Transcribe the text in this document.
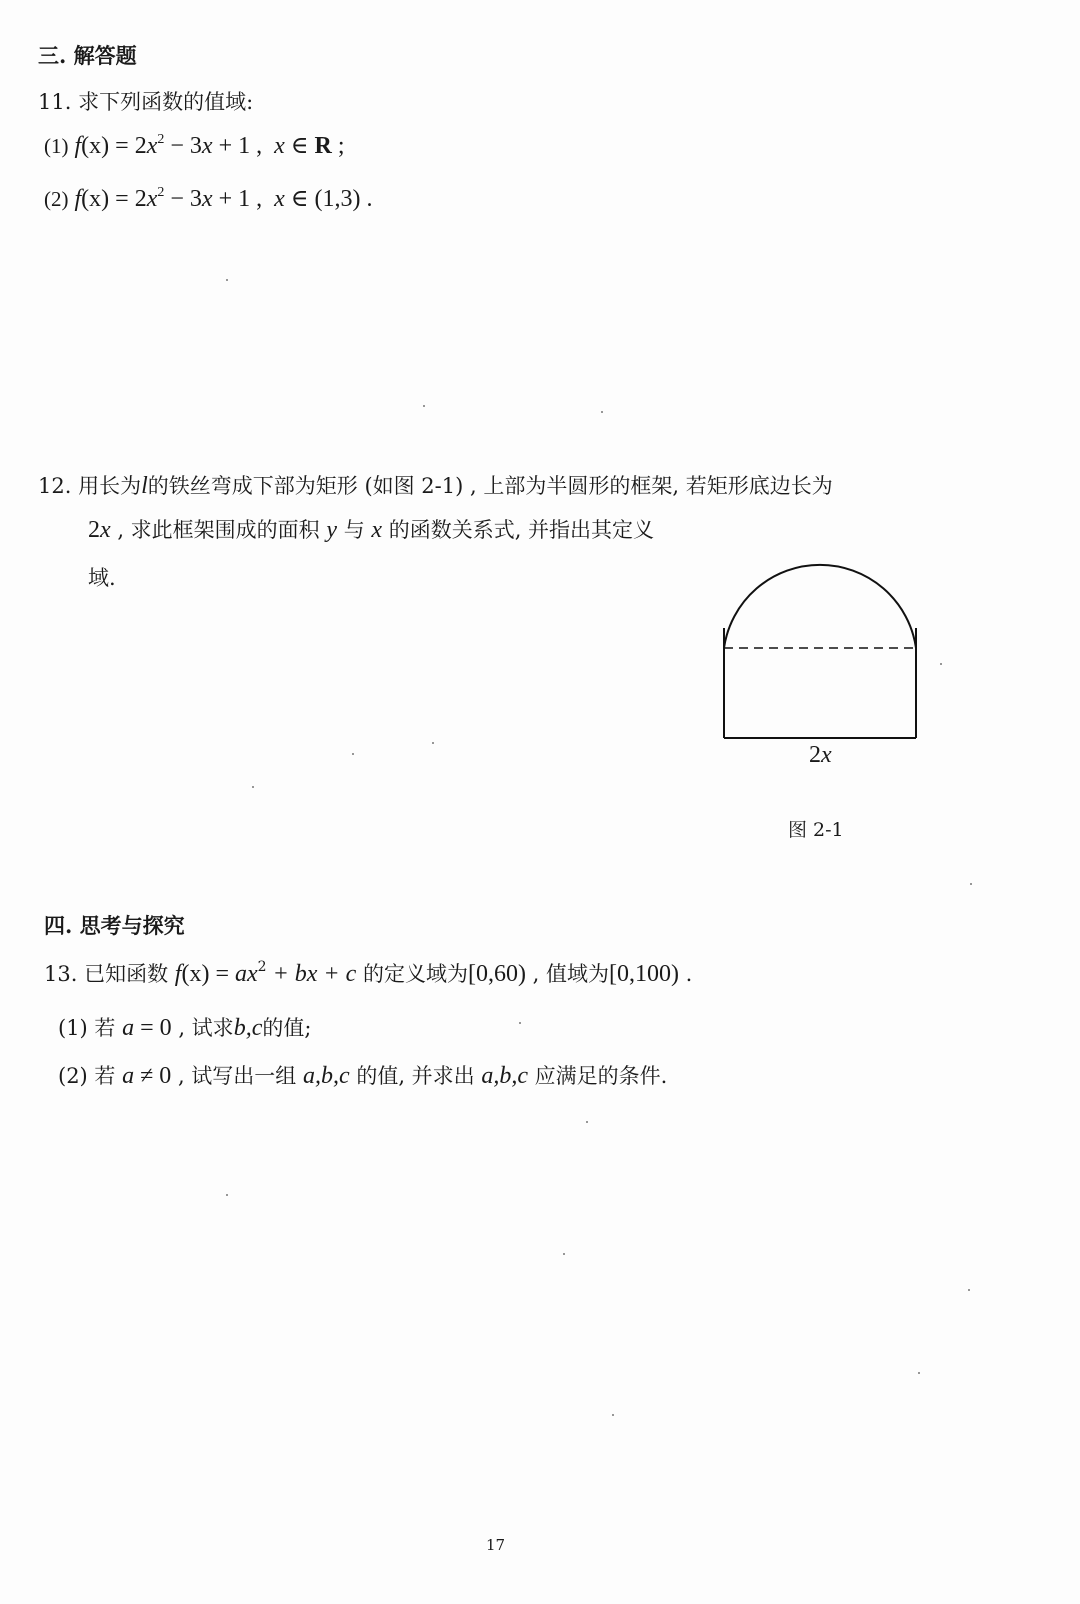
三. 解答题
11. 求下列函数的值域:
(1) $f(x) = 2x^2 - 3x + 1$ , x ∈ R ;
(2) $f(x) = 2x^2 - 3x + 1$ , x ∈ (1,3) .
12. 用长为l的铁丝弯成下部为矩形 (如图 2-1) , 上部为半圆形的框架, 若矩形底边长为
2x , 求此框架围成的面积 y 与 x 的函数关系式, 并指出其定义
域.
2x
图 2-1
四. 思考与探究
13. 已知函数 $f(x) = ax^2$ + bx + c 的定义域为[0,60) , 值域为[0,100) .
(1) 若 a = 0 , 试求b,c的值;
(2) 若 a ≠ 0 , 试写出一组 a,b,c 的值, 并求出 a,b,c 应满足的条件.
17
